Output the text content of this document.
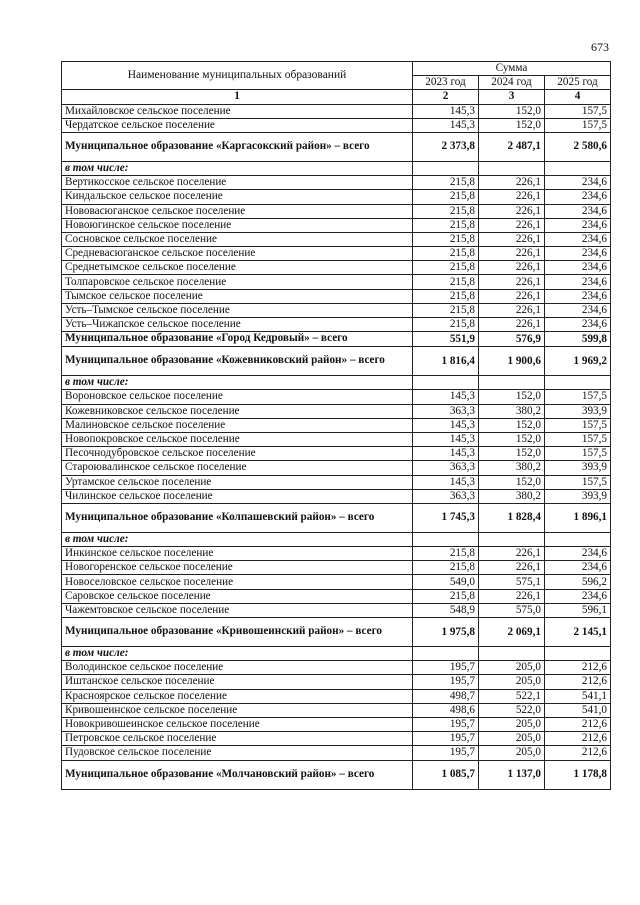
673
Наименование муниципальных образований	Сумма		
	2023 год	2024 год	2025 год
1	2	3	4
Михайловское сельское поселение	145,3	152,0	157,5
Чердатское сельское поселение	145,3	152,0	157,5
Муниципальное образование «Каргасокский район» – всего	2 373,8	2 487,1	2 580,6
в том числе:			
Вертикосское сельское поселение	215,8	226,1	234,6
Киндальское сельское поселение	215,8	226,1	234,6
Нововасюганское сельское поселение	215,8	226,1	234,6
Новоюгинское сельское поселение	215,8	226,1	234,6
Сосновское сельское поселение	215,8	226,1	234,6
Средневасюганское сельское поселение	215,8	226,1	234,6
Среднетымское сельское поселение	215,8	226,1	234,6
Толпаровское сельское поселение	215,8	226,1	234,6
Тымское сельское поселение	215,8	226,1	234,6
Усть–Тымское сельское поселение	215,8	226,1	234,6
Усть–Чижапское сельское поселение	215,8	226,1	234,6
Муниципальное образование «Город Кедровый» – всего	551,9	576,9	599,8
Муниципальное образование «Кожевниковский район» – всего	1 816,4	1 900,6	1 969,2
в том числе:			
Вороновское сельское поселение	145,3	152,0	157,5
Кожевниковское сельское поселение	363,3	380,2	393,9
Малиновское сельское поселение	145,3	152,0	157,5
Новопокровское сельское поселение	145,3	152,0	157,5
Песочнодубровское сельское поселение	145,3	152,0	157,5
Староювалинское сельское поселение	363,3	380,2	393,9
Уртамское сельское поселение	145,3	152,0	157,5
Чилинское сельское поселение	363,3	380,2	393,9
Муниципальное образование «Колпашевский район» – всего	1 745,3	1 828,4	1 896,1
в том числе:			
Инкинское сельское поселение	215,8	226,1	234,6
Новогоренское сельское поселение	215,8	226,1	234,6
Новоселовское сельское поселение	549,0	575,1	596,2
Саровское сельское поселение	215,8	226,1	234,6
Чажемтовское сельское поселение	548,9	575,0	596,1
Муниципальное образование «Кривошеинский район» – всего	1 975,8	2 069,1	2 145,1
в том числе:			
Володинское сельское поселение	195,7	205,0	212,6
Иштанское сельское поселение	195,7	205,0	212,6
Красноярское сельское поселение	498,7	522,1	541,1
Кривошеинское сельское поселение	498,6	522,0	541,0
Новокривошеинское сельское поселение	195,7	205,0	212,6
Петровское сельское поселение	195,7	205,0	212,6
Пудовское сельское поселение	195,7	205,0	212,6
Муниципальное образование «Молчановский район» – всего	1 085,7	1 137,0	1 178,8
